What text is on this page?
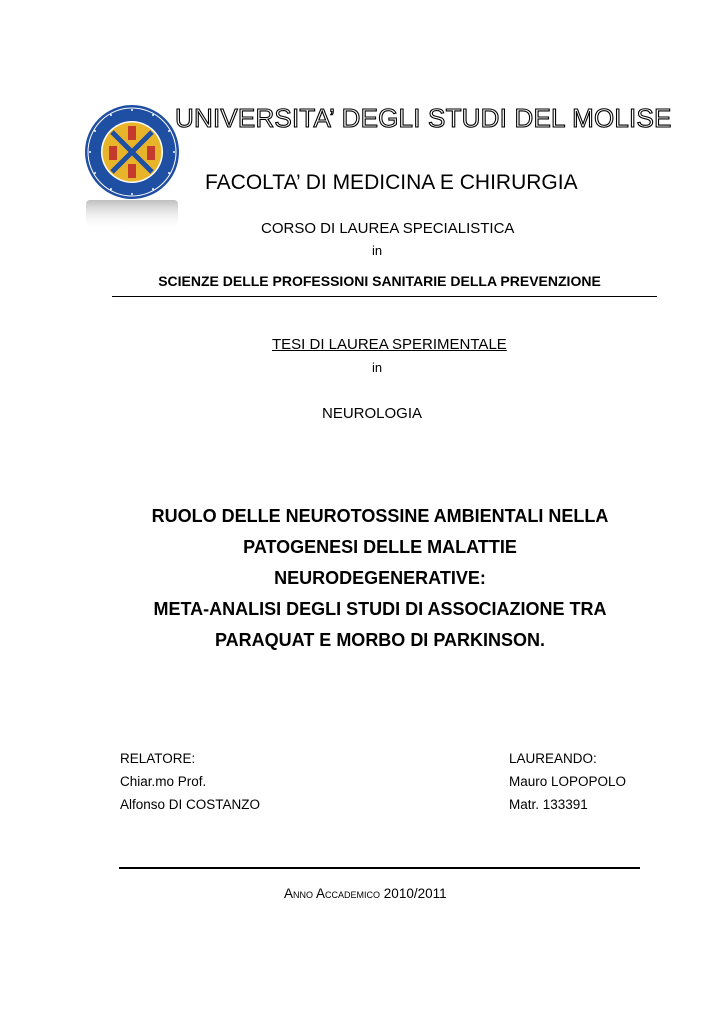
UNIVERSITA’ DEGLI STUDI DEL MOLISE
FACOLTA’ DI MEDICINA E CHIRURGIA
CORSO DI LAUREA SPECIALISTICA
in
SCIENZE DELLE PROFESSIONI SANITARIE DELLA PREVENZIONE
TESI DI LAUREA SPERIMENTALE
in
NEUROLOGIA
RUOLO DELLE NEUROTOSSINE AMBIENTALI NELLA
PATOGENESI DELLE MALATTIE
NEURODEGENERATIVE:
META-ANALISI DEGLI STUDI DI ASSOCIAZIONE TRA
PARAQUAT E MORBO DI PARKINSON.
RELATORE:
Chiar.mo Prof.
Alfonso DI COSTANZO
LAUREANDO:
Mauro LOPOPOLO
Matr. 133391
Anno Accademico 2010/2011
